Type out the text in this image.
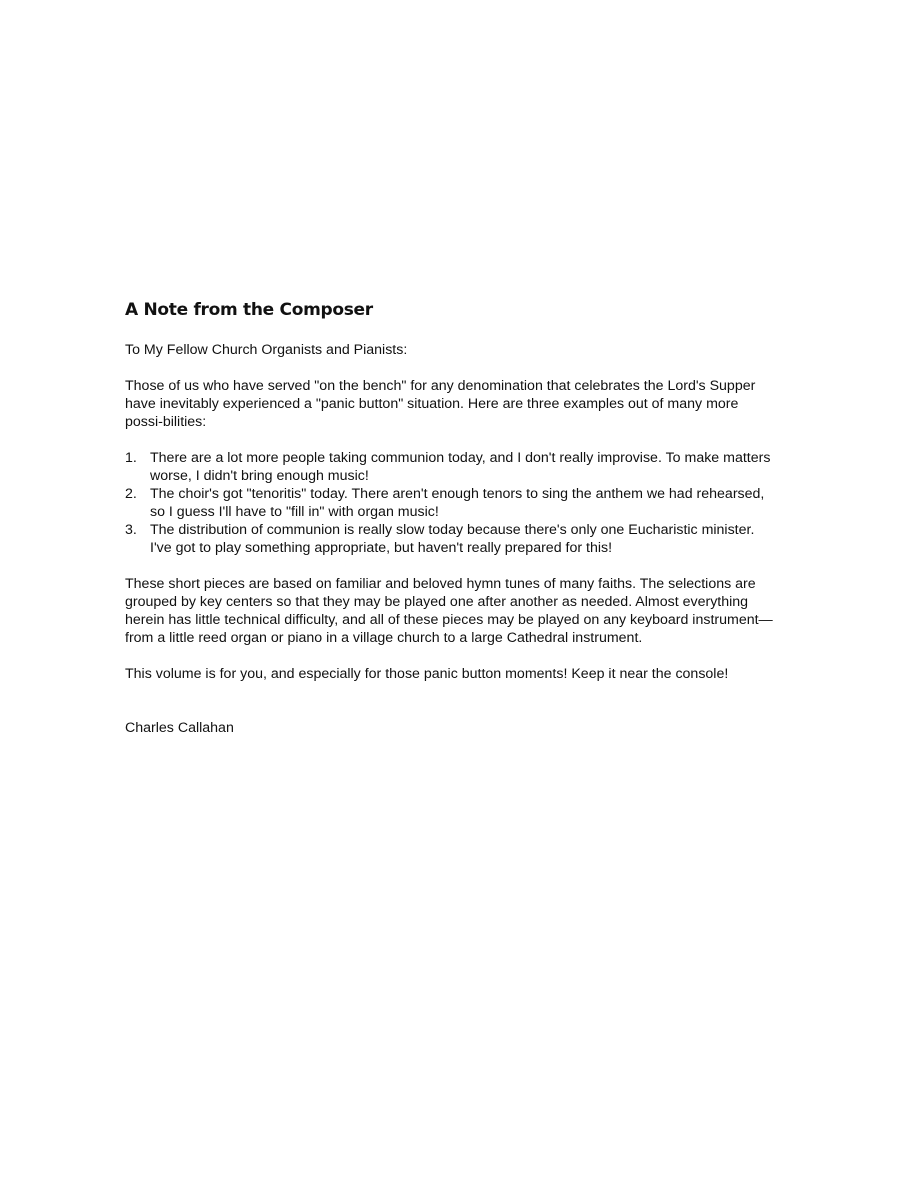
A Note from the Composer

To My Fellow Church Organists and Pianists:

Those of us who have served "on the bench" for any denomination that celebrates the Lord's Supper have inevitably experienced a "panic button" situation. Here are three examples out of many more possi-bilities:

1. There are a lot more people taking communion today, and I don't really improvise. To make matters worse, I didn't bring enough music!
2. The choir's got "tenoritis" today. There aren't enough tenors to sing the anthem we had rehearsed, so I guess I'll have to "fill in" with organ music!
3. The distribution of communion is really slow today because there's only one Eucharistic minister. I've got to play something appropriate, but haven't really prepared for this!

These short pieces are based on familiar and beloved hymn tunes of many faiths. The selections are grouped by key centers so that they may be played one after another as needed. Almost everything herein has little technical difficulty, and all of these pieces may be played on any keyboard instrument—from a little reed organ or piano in a village church to a large Cathedral instrument.

This volume is for you, and especially for those panic button moments! Keep it near the console!

Charles Callahan
